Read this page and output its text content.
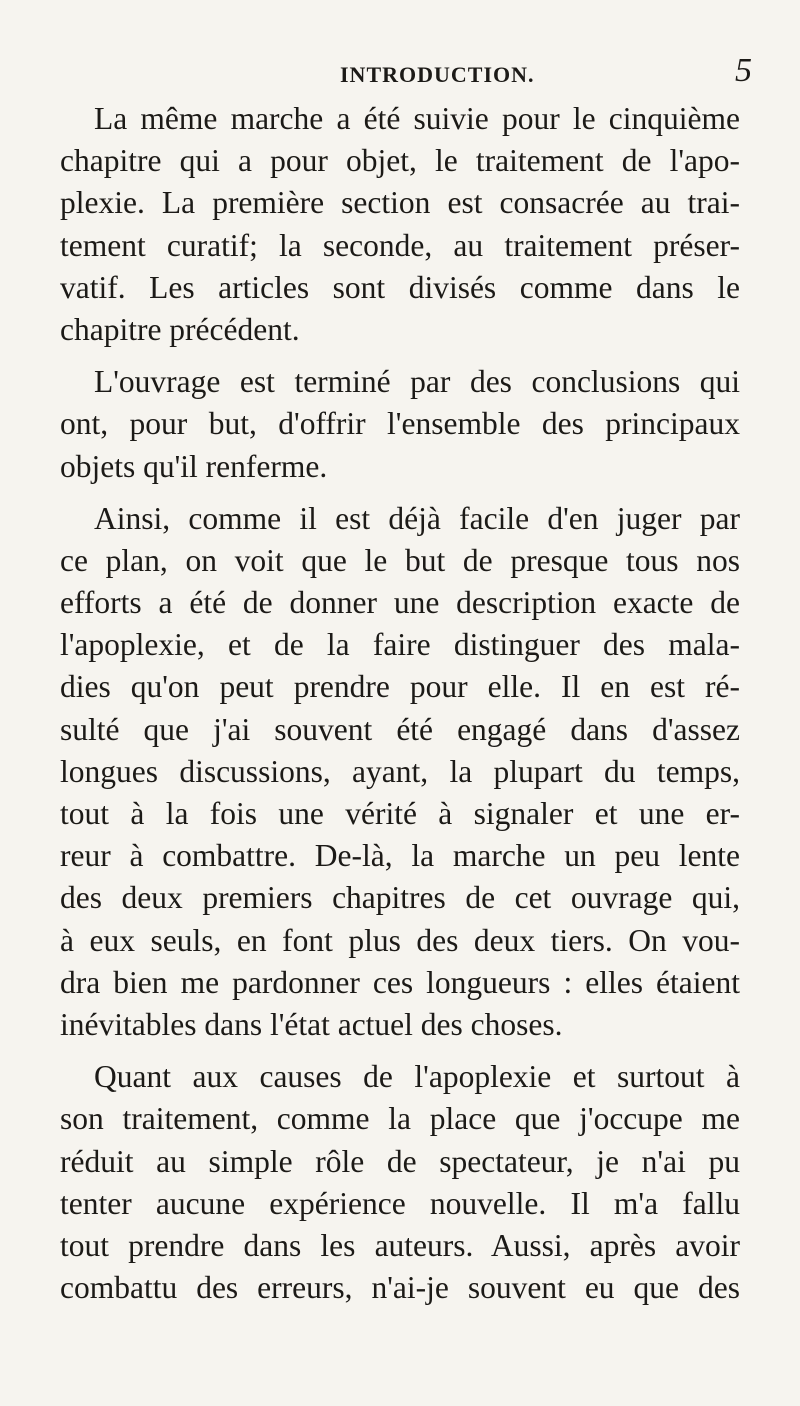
INTRODUCTION.	5
La même marche a été suivie pour le cinquième
chapitre qui a pour objet, le traitement de l'apo-
plexie. La première section est consacrée au trai-
tement curatif; la seconde, au traitement préser-
vatif. Les articles sont divisés comme dans le
chapitre précédent.
L'ouvrage est terminé par des conclusions qui
ont, pour but, d'offrir l'ensemble des principaux
objets qu'il renferme.
Ainsi, comme il est déjà facile d'en juger par
ce plan, on voit que le but de presque tous nos
efforts a été de donner une description exacte de
l'apoplexie, et de la faire distinguer des mala-
dies qu'on peut prendre pour elle. Il en est ré-
sulté que j'ai souvent été engagé dans d'assez
longues discussions, ayant, la plupart du temps,
tout à la fois une vérité à signaler et une er-
reur à combattre. De-là, la marche un peu lente
des deux premiers chapitres de cet ouvrage qui,
à eux seuls, en font plus des deux tiers. On vou-
dra bien me pardonner ces longueurs : elles étaient
inévitables dans l'état actuel des choses.
Quant aux causes de l'apoplexie et surtout à
son traitement, comme la place que j'occupe me
réduit au simple rôle de spectateur, je n'ai pu
tenter aucune expérience nouvelle. Il m'a fallu
tout prendre dans les auteurs. Aussi, après avoir
combattu des erreurs, n'ai-je souvent eu que des
